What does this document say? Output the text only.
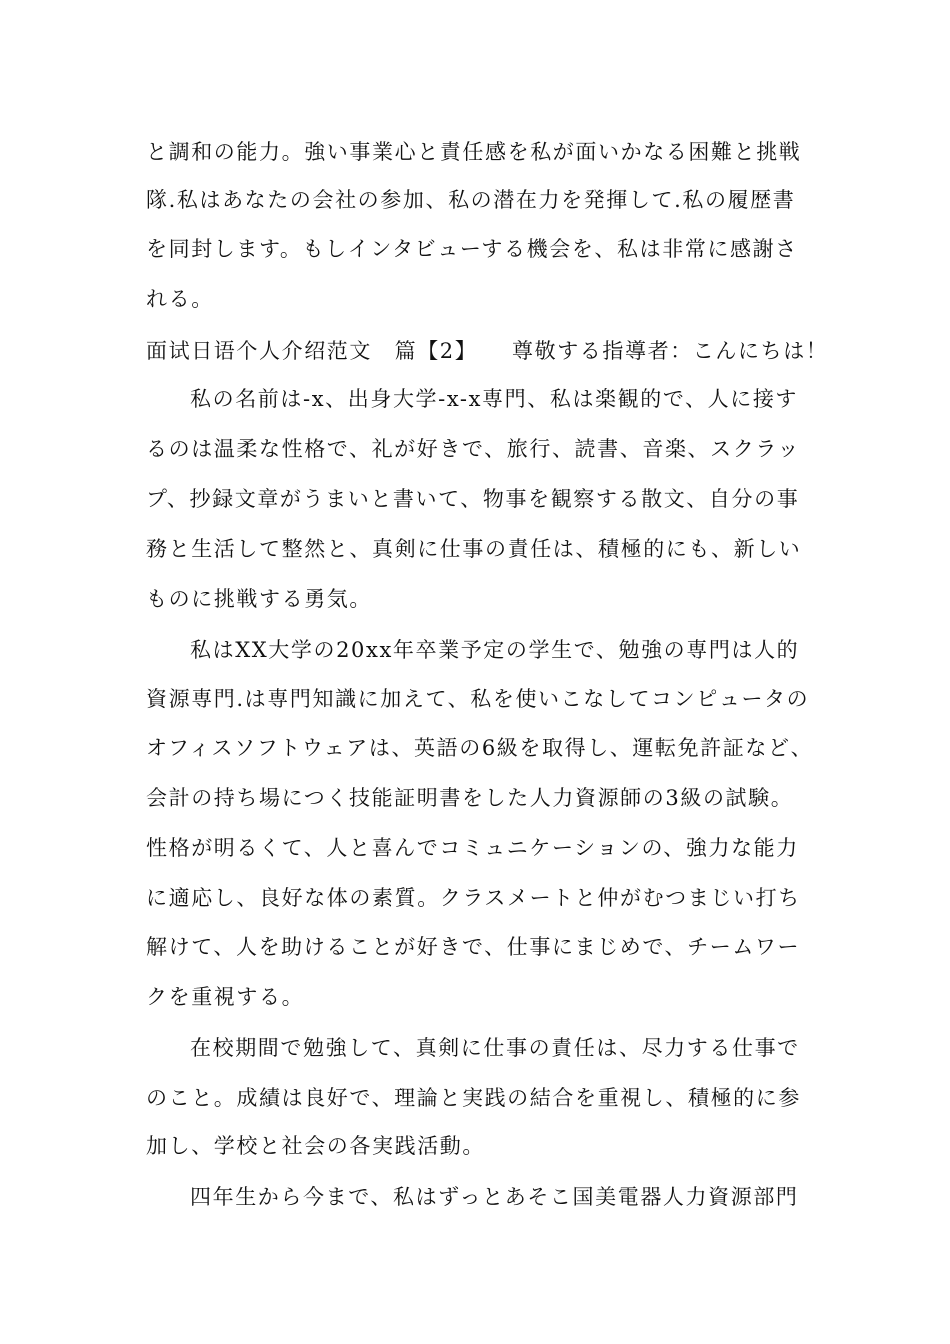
と調和の能力。強い事業心と責任感を私が面いかなる困難と挑戦
隊.私はあなたの会社の参加、私の潜在力を発揮して.私の履歴書
を同封します。もしインタビューする機会を、私は非常に感謝さ
れる。
面试日语个人介绍范文　篇【2】 尊敬する指導者：こんにちは！
私の名前は-x、出身大学-x-x専門、私は楽観的で、人に接す
るのは温柔な性格で、礼が好きで、旅行、読書、音楽、スクラッ
プ、抄録文章がうまいと書いて、物事を観察する散文、自分の事
務と生活して整然と、真剣に仕事の責任は、積極的にも、新しい
ものに挑戦する勇気。
私はXX大学の20xx年卒業予定の学生で、勉強の専門は人的
資源専門.は専門知識に加えて、私を使いこなしてコンピュータの
オフィスソフトウェアは、英語の6級を取得し、運転免許証など、
会計の持ち場につく技能証明書をした人力資源師の3級の試験。
性格が明るくて、人と喜んでコミュニケーションの、強力な能力
に適応し、良好な体の素質。クラスメートと仲がむつまじい打ち
解けて、人を助けることが好きで、仕事にまじめで、チームワー
クを重視する。
在校期間で勉強して、真剣に仕事の責任は、尽力する仕事で
のこと。成績は良好で、理論と実践の結合を重視し、積極的に参
加し、学校と社会の各実践活動。
四年生から今まで、私はずっとあそこ国美電器人力資源部門
